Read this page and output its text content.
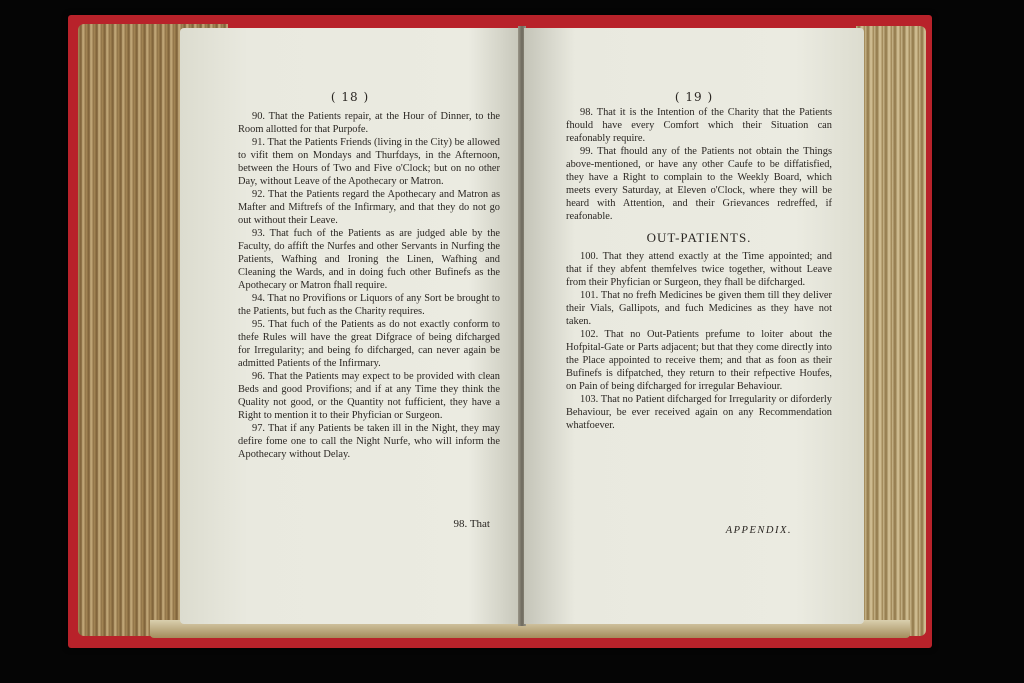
( 18 )

90. That the Patients repair, at the Hour of Dinner, to the Room allotted for that Purpofe.

91. That the Patients Friends (living in the City) be allowed to vifit them on Mondays and Thurfdays, in the Afternoon, between the Hours of Two and Five o'Clock; but on no other Day, without Leave of the Apothecary or Matron.

92. That the Patients regard the Apothecary and Matron as Mafter and Miftrefs of the Infirmary, and that they do not go out without their Leave.

93. That fuch of the Patients as are judged able by the Faculty, do affift the Nurfes and other Servants in Nurfing the Patients, Wafhing and Ironing the Linen, Wafhing and Cleaning the Wards, and in doing fuch other Bufinefs as the Apothecary or Matron fhall require.

94. That no Provifions or Liquors of any Sort be brought to the Patients, but fuch as the Charity requires.

95. That fuch of the Patients as do not exactly conform to thefe Rules will have the great Difgrace of being difcharged for Irregularity; and being fo difcharged, can never again be admitted Patients of the Infirmary.

96. That the Patients may expect to be provided with clean Beds and good Provifions; and if at any Time they think the Quality not good, or the Quantity not fufficient, they have a Right to mention it to their Phyfician or Surgeon.

97. That if any Patients be taken ill in the Night, they may defire fome one to call the Night Nurfe, who will inform the Apothecary without Delay.

98. That
( 19 )

98. That it is the Intention of the Charity that the Patients fhould have every Comfort which their Situation can reafonably require.

99. That fhould any of the Patients not obtain the Things above-mentioned, or have any other Caufe to be diffatisfied, they have a Right to complain to the Weekly Board, which meets every Saturday, at Eleven o'Clock, where they will be heard with Attention, and their Grievances redreffed, if reafonable.

OUT-PATIENTS.

100. That they attend exactly at the Time appointed; and that if they abfent themfelves twice together, without Leave from their Phyfician or Surgeon, they fhall be difcharged.

101. That no frefh Medicines be given them till they deliver their Vials, Gallipots, and fuch Medicines as they have not taken.

102. That no Out-Patients prefume to loiter about the Hofpital-Gate or Parts adjacent; but that they come directly into the Place appointed to receive them; and that as foon as their Bufinefs is difpatched, they return to their refpective Houfes, on Pain of being difcharged for irregular Behaviour.

103. That no Patient difcharged for Irregularity or diforderly Behaviour, be ever received again on any Recommendation whatfoever.

APPENDIX.
